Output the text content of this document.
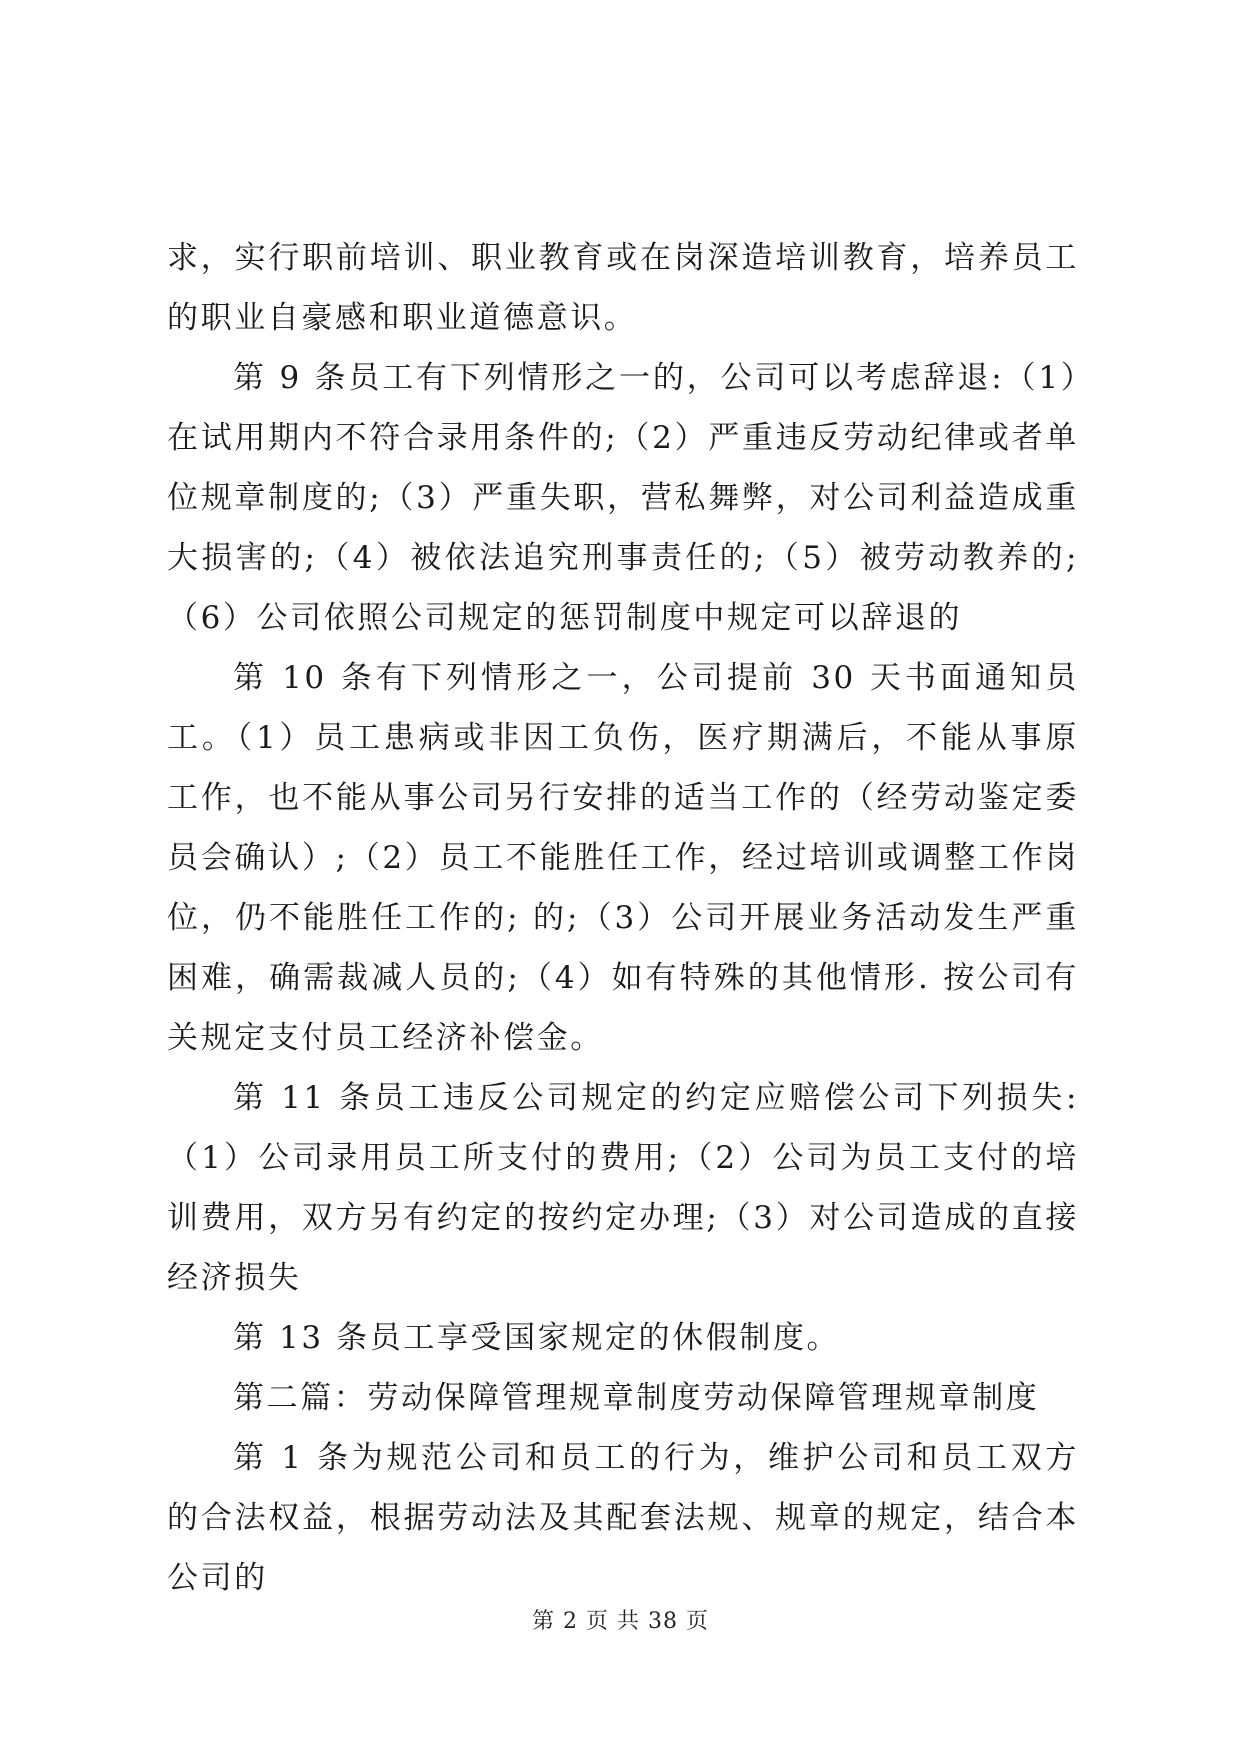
求，实行职前培训、职业教育或在岗深造培训教育，培养员工的职业自豪感和职业道德意识。

第 9 条员工有下列情形之一的，公司可以考虑辞退:（1）在试用期内不符合录用条件的;（2）严重违反劳动纪律或者单位规章制度的;（3）严重失职，营私舞弊，对公司利益造成重大损害的;（4）被依法追究刑事责任的;（5）被劳动教养的;（6）公司依照公司规定的惩罚制度中规定可以辞退的

第 10 条有下列情形之一，公司提前 30 天书面通知员工。（1）员工患病或非因工负伤，医疗期满后，不能从事原工作，也不能从事公司另行安排的适当工作的（经劳动鉴定委员会确认）;（2）员工不能胜任工作，经过培训或调整工作岗位，仍不能胜任工作的; 的;（3）公司开展业务活动发生严重困难，确需裁减人员的;（4）如有特殊的其他情形. 按公司有关规定支付员工经济补偿金。

第 11 条员工违反公司规定的约定应赔偿公司下列损失:（1）公司录用员工所支付的费用;（2）公司为员工支付的培训费用，双方另有约定的按约定办理;（3）对公司造成的直接经济损失

第 13 条员工享受国家规定的休假制度。

第二篇：劳动保障管理规章制度劳动保障管理规章制度

第 1 条为规范公司和员工的行为，维护公司和员工双方的合法权益，根据劳动法及其配套法规、规章的规定，结合本公司的

第 2 页 共 38 页
